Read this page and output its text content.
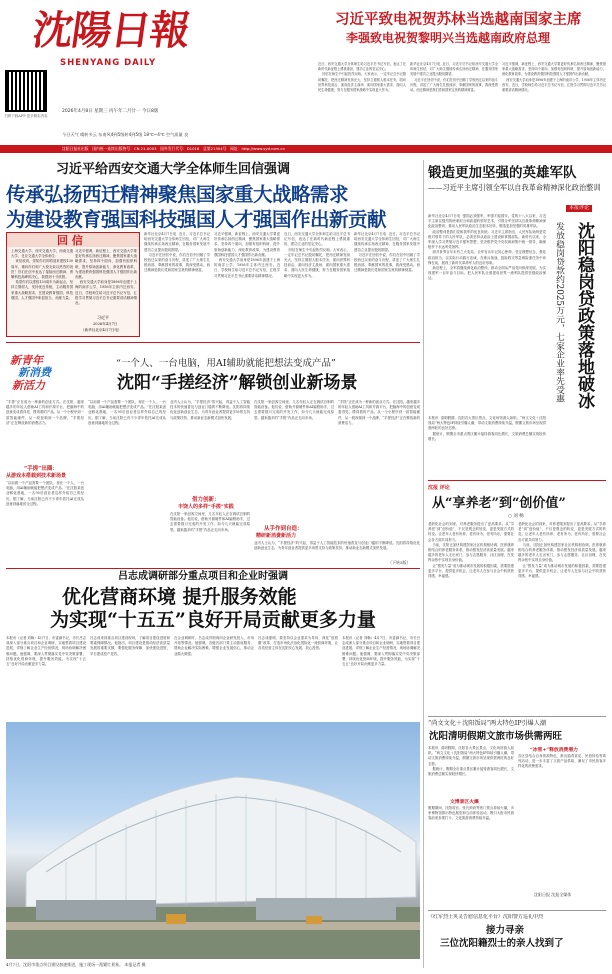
沈陽日報
SHENYANG DAILY
扫码下载APP 更多精彩内容
2026年4月8日 星期三 丙午年二月廿一 今日8版
今日天气 晴转多云 东南风4到5级转4到5级 18℃~4℃ 空气质量 良
习近平致电祝贺苏林当选越南国家主席
李强致电祝贺黎明兴当选越南政府总理
近日，西安交通大学全体师生给习近平总书记写信，表达了在新时代新征程上勇挑重担、建功立业的坚定决心。
回信在师生中引起热烈反响。大家表示，一定牢记总书记殷切嘱托，把西迁精神发扬光大，坚持立德树人根本任务，面向世界科技前沿、面向经济主战场、面向国家重大需求、面向人民生命健康，努力在服务国家战略中实现更大作为。
新华社北京4月7日电  近日，习近平总书记给西安交通大学全体师生回信，对广大师生继续传承弘扬西迁精神、在服务国家发展中建功立业提出殷切期望。
习近平在回信中说，你们在信中回顾了学校西迁以来的奋斗历程，讲述了广大师生扎根西部、奉献国家的故事，我深受感动。西迁精神是我们党和国家宝贵的精神财富。
习近平强调，新征程上，西安交通大学要更好传承弘扬西迁精神，聚焦国家重大战略需求，坚持四个面向，加强有组织科研，提升原始创新能力，深化教育改革，为建设教育强国科技强国人才强国作出新贡献。
西安交通大学前身是1896年创建于上海的南洋公学，1956年主体内迁西安。近日，学校师生给习近平总书记写信，汇报学习贯彻习近平总书记重要讲话精神情况。
沈阳日报社出版 国内统一连续出版物号：CN 21-0003 国外发行代号：D1016 总第21304号 网址：http://www.syd.com.cn
习近平给西安交通大学全体师生回信强调
传承弘扬西迁精神聚焦国家重大战略需求
为建设教育强国科技强国人才强国作出新贡献
回 信
上海交通大学、西安交通大学、西南交通大学、北京交通大学全体师生：
来信收到，得知你们即将迎来建校130周年，谨向你们和广大校友致以热烈的祝贺！你们在信中表达了接续西迁精神、勇攀科技高峰的决心，我感到十分欣慰。
希望你们以建校130周年为新起点，坚持立德树人，发扬优良传统，主动服务国家重大战略需求，在建设教育强国、科技强国、人才强国中彰显担当、贡献力量。
习近平强调，新征程上，西安交通大学要更好传承弘扬西迁精神，聚焦国家重大战略需求，坚持四个面向，加强有组织科研，提升原始创新能力，深化教育改革，为建设教育强国科技强国人才强国作出新贡献。
西安交通大学前身是1896年创建于上海的南洋公学，1956年主体内迁西安。近日，学校师生给习近平总书记写信，汇报学习贯彻习近平总书记重要讲话精神情况。
习近平
2026年4月7日
（新华社北京4月7日电）
新华社北京4月7日电  近日，习近平总书记给西安交通大学全体师生回信，对广大师生继续传承弘扬西迁精神、在服务国家发展中建功立业提出殷切期望。
习近平在回信中说，你们在信中回顾了学校西迁以来的奋斗历程，讲述了广大师生扎根西部、奉献国家的故事，我深受感动。西迁精神是我们党和国家宝贵的精神财富。
习近平强调，新征程上，西安交通大学要更好传承弘扬西迁精神，聚焦国家重大战略需求，坚持四个面向，加强有组织科研，提升原始创新能力，深化教育改革，为建设教育强国科技强国人才强国作出新贡献。
西安交通大学前身是1896年创建于上海的南洋公学，1956年主体内迁西安。近日，学校师生给习近平总书记写信，汇报学习贯彻习近平总书记重要讲话精神情况。
近日，西安交通大学全体师生给习近平总书记写信，表达了在新时代新征程上勇挑重担、建功立业的坚定决心。
回信在师生中引起热烈反响。大家表示，一定牢记总书记殷切嘱托，把西迁精神发扬光大，坚持立德树人根本任务，面向世界科技前沿、面向经济主战场、面向国家重大需求、面向人民生命健康，努力在服务国家战略中实现更大作为。
新华社北京4月7日电  近日，习近平总书记给西安交通大学全体师生回信，对广大师生继续传承弘扬西迁精神、在服务国家发展中建功立业提出殷切期望。
习近平在回信中说，你们在信中回顾了学校西迁以来的奋斗历程，讲述了广大师生扎根西部、奉献国家的故事，我深受感动。西迁精神是我们党和国家宝贵的精神财富。
新青年
新消费
新活力
“一个人、一台电脑，用AI辅助就能把想法变成产品”
沈阳“手搓经济”解锁创业新场景
“手搓”正在成为一种新的创业方式。在沈阳，越来越多的年轻人借助AI工具和开源平台，把脑海中的创意变成看得见、摸得着的产品。从一个小程序到一款智能硬件，从一段视频到一个品牌，“手搓经济”正在释放新的消费活力。
“手搓”出圈：
从游戏本搭载到技术新场景
“以前做一个产品需要一个团队，现在一个人、一台电脑，用AI辅助就能把想法变成产品。”在沈阳某创业孵化基地，一名95后创业者这样介绍自己的经历。据了解，当前沈阳已有不少青年依托AI完成从创意到落地的全过程。
“以前做一个产品需要一个团队，现在一个人、一台电脑，用AI辅助就能把想法变成产品。”在沈阳某创业孵化基地，一名95后创业者这样介绍自己的经历。据了解，当前沈阳已有不少青年依托AI完成从创意到落地的全过程。
业内人士认为，“手搓经济”的兴起，得益于人工智能技术的快速普及与创业门槛的不断降低。沈阳将持续优化创新创业生态，为青年创业者提供更多场景支持与政策扶持，推动新业态新模式加快发展。
借力创新：
丰饶人的多样“手搓”实践
在沈阳一家创客空间里，几名年轻人正在调试自制的智能设备。他们说，借助开源硬件和AI编程助手，过去需要数月完成的开发工作，如今几天就能完成原型。越来越多的“手搓”作品正走向市场。
在沈阳一家创客空间里，几名年轻人正在调试自制的智能设备。他们说，借助开源硬件和AI编程助手，过去需要数月完成的开发工作，如今几天就能完成原型。越来越多的“手搓”作品正走向市场。
“手搓”正在成为一种新的创业方式。在沈阳，越来越多的年轻人借助AI工具和开源平台，把脑海中的创意变成看得见、摸得着的产品。从一个小程序到一款智能硬件，从一段视频到一个品牌，“手搓经济”正在释放新的消费活力。
从手作到自造：
精研新消费新活力
业内人士认为，“手搓经济”的兴起，得益于人工智能技术的快速普及与创业门槛的不断降低。沈阳将持续优化创新创业生态，为青年创业者提供更多场景支持与政策扶持，推动新业态新模式加快发展。
（下转5版）
吕志成调研部分重点项目和企业时强调
优化营商环境 提升服务效能
为实现“十五五”良好开局贡献更多力量
本报讯（记者 刘畅）4月7日，市委副书记、市长吕志成深入部分重点项目和企业调研，实地察看项目建设进展，详细了解企业生产经营情况，现场协调解决困难问题。他强调，要深入贯彻落实党中央决策部署，持续优化营商环境，提升服务效能，为实现“十五五”良好开局贡献更多力量。
吕志成来到重点项目建设现场，了解项目建设进度和要素保障情况。他指出，项目建设是推动经济高质量发展的重要支撑，要强化服务保障，加快建设进度，早日建成投产见效。
在企业调研时，吕志成详细询问企业研发投入、市场开拓等情况。他强调，各级各部门要主动靠前服务，帮助企业解决实际困难，增强企业发展信心，推动企业做大做强。
吕志成强调，要坚持以企业需求为导向，深化“放管服”改革，打造市场化法治化国际化一流营商环境，让各类经营主体在沈阳安心发展、放心投资。
本报讯（记者 刘畅）4月7日，市委副书记、市长吕志成深入部分重点项目和企业调研，实地察看项目建设进展，详细了解企业生产经营情况，现场协调解决困难问题。他强调，要深入贯彻落实党中央决策部署，持续优化营商环境，提升服务效能，为实现“十五五”良好开局贡献更多力量。
4月7日，沈阳市重点项目建设加速推进，施工现场一派繁忙景象。 本报记者 摄
锻造更加坚强的英雄军队
——习近平主席引领全军以自我革命精神深化政治整训
本报评论
新华社北京4月7日电  强国必须强军，军强才能国安。党的十八大以来，习近平主席以强烈的使命担当和高超的领导艺术，引领全军坚持以自我革命精神深化政治整训，推动人民军队政治生态根本好转，锻造更加坚强的英雄军队。
政治整训是我们党和我军的优良传统。习近平主席指出，人民军队始终是党绝对领导下的人民军队，必须坚持从政治上建设和掌握部队。新时代以来，全军深入学习贯彻习近平强军思想，坚决维护党中央权威和集中统一领导，确保枪杆子永远听党指挥。
面对世界百年未有之大变局，全军官兵牢记初心使命，坚定理想信念，强化政治担当，以实际行动践行忠诚，在练兵备战、抢险救灾等急难险重任务中冲锋在前，展现了新时代革命军人的良好形象。
新征程上，全军将继续深化政治整训，推动全面从严治党向纵深发展，为实现建军一百年奋斗目标、把人民军队全面建成世界一流军队提供坚强政治保证。	沈阳稳岗贷政策落地破冰
发放稳岗贷款约2025万元，七家企业率先受惠
本报讯  清明假期，沈阳各大景区景点、文化场馆游人如织。“尚文文化＋沈阳饭局”两大特色IP持续引爆人潮，带动文旅消费持续升温，假期文旅市场呈现供需两旺的良好态势。
据统计，假期全市重点景区累计接待游客同比增长，文旅消费总额实现较快增长。
沈报 评论
从“享养老”到“创价值”
○ 刘 畅
老龄化社会的到来，对养老服务提出了更高要求。从“享养老”到“创价值”，不仅是观念的转变，更是发展方式的转变。让老年人老有所养、老有所为、老有所乐，需要社会各方面共同努力。
当前，沈阳正加快构建居家社区机构相协调、医养康养相结合的养老服务体系，推动银发经济高质量发展。越来越多的老年人走出家门，参与志愿服务、社区治理，在发挥余热中实现自身价值。
让“银发力量”成为推动城市发展的积极因素，需要搭建更多平台、提供更多机会，让老年人在参与社会中收获获得感、幸福感。
老龄化社会的到来，对养老服务提出了更高要求。从“享养老”到“创价值”，不仅是观念的转变，更是发展方式的转变。让老年人老有所养、老有所为、老有所乐，需要社会各方面共同努力。
当前，沈阳正加快构建居家社区机构相协调、医养康养相结合的养老服务体系，推动银发经济高质量发展。越来越多的老年人走出家门，参与志愿服务、社区治理，在发挥余热中实现自身价值。
让“银发力量”成为推动城市发展的积极因素，需要搭建更多平台、提供更多机会，让老年人在参与社会中收获获得感、幸福感。
“尚文文化＋沈阳饭局”两大特色IP引爆人潮
沈阳清明假期文旅市场供需两旺
本报讯  清明假期，沈阳各大景区景点、文化场馆游人如织。“尚文文化＋沈阳饭局”两大特色IP持续引爆人潮，带动文旅消费持续升温，假期文旅市场呈现供需两旺的良好态势。
据统计，假期全市重点景区累计接待游客同比增长，文旅消费总额实现较快增长。
文博景区火爆
假期期间，沈阳故宫、张氏帅府等热门景点持续火爆，多家博物馆推出特色展览和互动体验活动，吸引大批市民游客前来参观打卡，文化旅游消费持续升温。
“冰雪+”释放消费潜力
各区县结合自身资源特色，推出踏青赏花、民俗体验等系列活动，进一步丰富了文旅产品供给，满足了市民游客多样化的消费需求。
沈阳日报 沈报全媒体
《红军烈士英灵告慰信息化平台》沈阳警方巡礼中烈
接力寻亲
三位沈阳籍烈士的亲人找到了
